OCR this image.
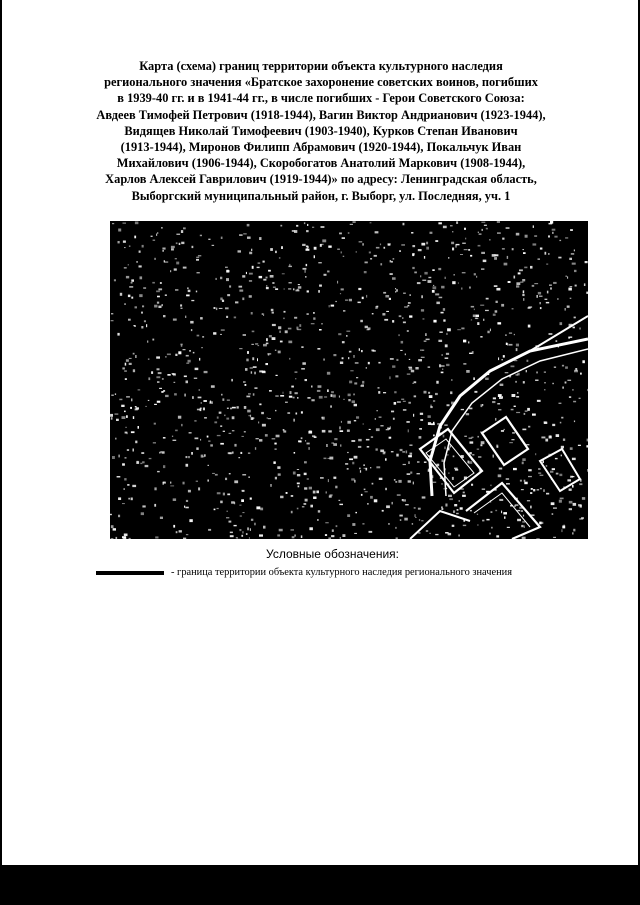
Карта (схема) границ территории объекта культурного наследия
регионального значения «Братское захоронение советских воинов, погибших
в 1939-40 гг. и в 1941-44 гг., в числе погибших - Герои Советского Союза:
Авдеев Тимофей Петрович (1918-1944), Вагин Виктор Андрианович (1923-1944),
Видящев Николай Тимофеевич (1903-1940), Курков Степан Иванович
(1913-1944), Миронов Филипп Абрамович (1920-1944), Покальчук Иван
Михайлович (1906-1944), Скоробогатов Анатолий Маркович (1908-1944),
Харлов Алексей Гаврилович (1919-1944)» по адресу: Ленинградская область,
Выборгский муниципальный район, г. Выборг, ул. Последняя, уч. 1
Условные обозначения:
- граница территории объекта культурного наследия регионального значения
